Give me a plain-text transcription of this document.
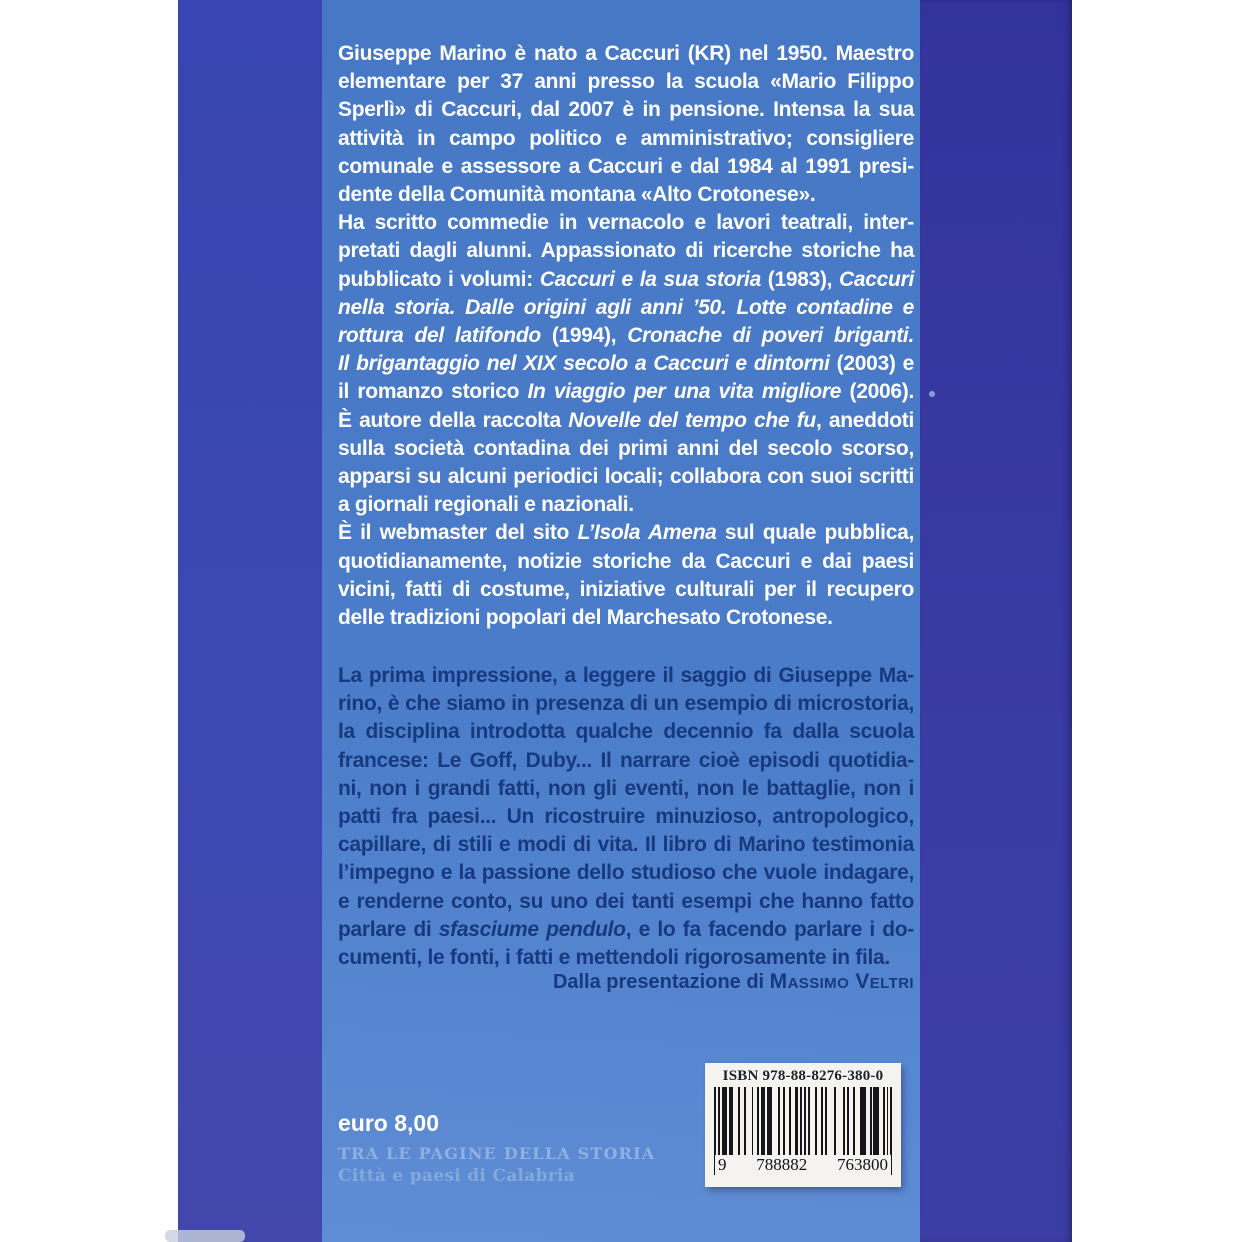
Giuseppe Marino è nato a Caccuri (KR) nel 1950. Maestro
elementare per 37 anni presso la scuola «Mario Filippo
Sperlì» di Caccuri, dal 2007 è in pensione. Intensa la sua
attività in campo politico e amministrativo; consigliere
comunale e assessore a Caccuri e dal 1984 al 1991 presi-
dente della Comunità montana «Alto Crotonese».
Ha scritto commedie in vernacolo e lavori teatrali, inter-
pretati dagli alunni. Appassionato di ricerche storiche ha
pubblicato i volumi: Caccuri e la sua storia (1983), Caccuri
nella storia. Dalle origini agli anni ’50. Lotte contadine e
rottura del latifondo (1994), Cronache di poveri briganti.
Il brigantaggio nel XIX secolo a Caccuri e dintorni (2003) e
il romanzo storico In viaggio per una vita migliore (2006).
È autore della raccolta Novelle del tempo che fu, aneddoti
sulla società contadina dei primi anni del secolo scorso,
apparsi su alcuni periodici locali; collabora con suoi scritti
a giornali regionali e nazionali.
È il webmaster del sito L’Isola Amena sul quale pubblica,
quotidianamente, notizie storiche da Caccuri e dai paesi
vicini, fatti di costume, iniziative culturali per il recupero
delle tradizioni popolari del Marchesato Crotonese.
La prima impressione, a leggere il saggio di Giuseppe Ma-
rino, è che siamo in presenza di un esempio di microstoria,
la disciplina introdotta qualche decennio fa dalla scuola
francese: Le Goff, Duby... Il narrare cioè episodi quotidia-
ni, non i grandi fatti, non gli eventi, non le battaglie, non i
patti fra paesi... Un ricostruire minuzioso, antropologico,
capillare, di stili e modi di vita. Il libro di Marino testimonia
l’impegno e la passione dello studioso che vuole indagare,
e renderne conto, su uno dei tanti esempi che hanno fatto
parlare di sfasciume pendulo, e lo fa facendo parlare i do-
cumenti, le fonti, i fatti e mettendoli rigorosamente in fila.
Dalla presentazione di Massimo Veltri
euro 8,00
TRA LE PAGINE DELLA STORIA
Città e paesi di Calabria
ISBN 978-88-8276-380-0
9 788882 763800
